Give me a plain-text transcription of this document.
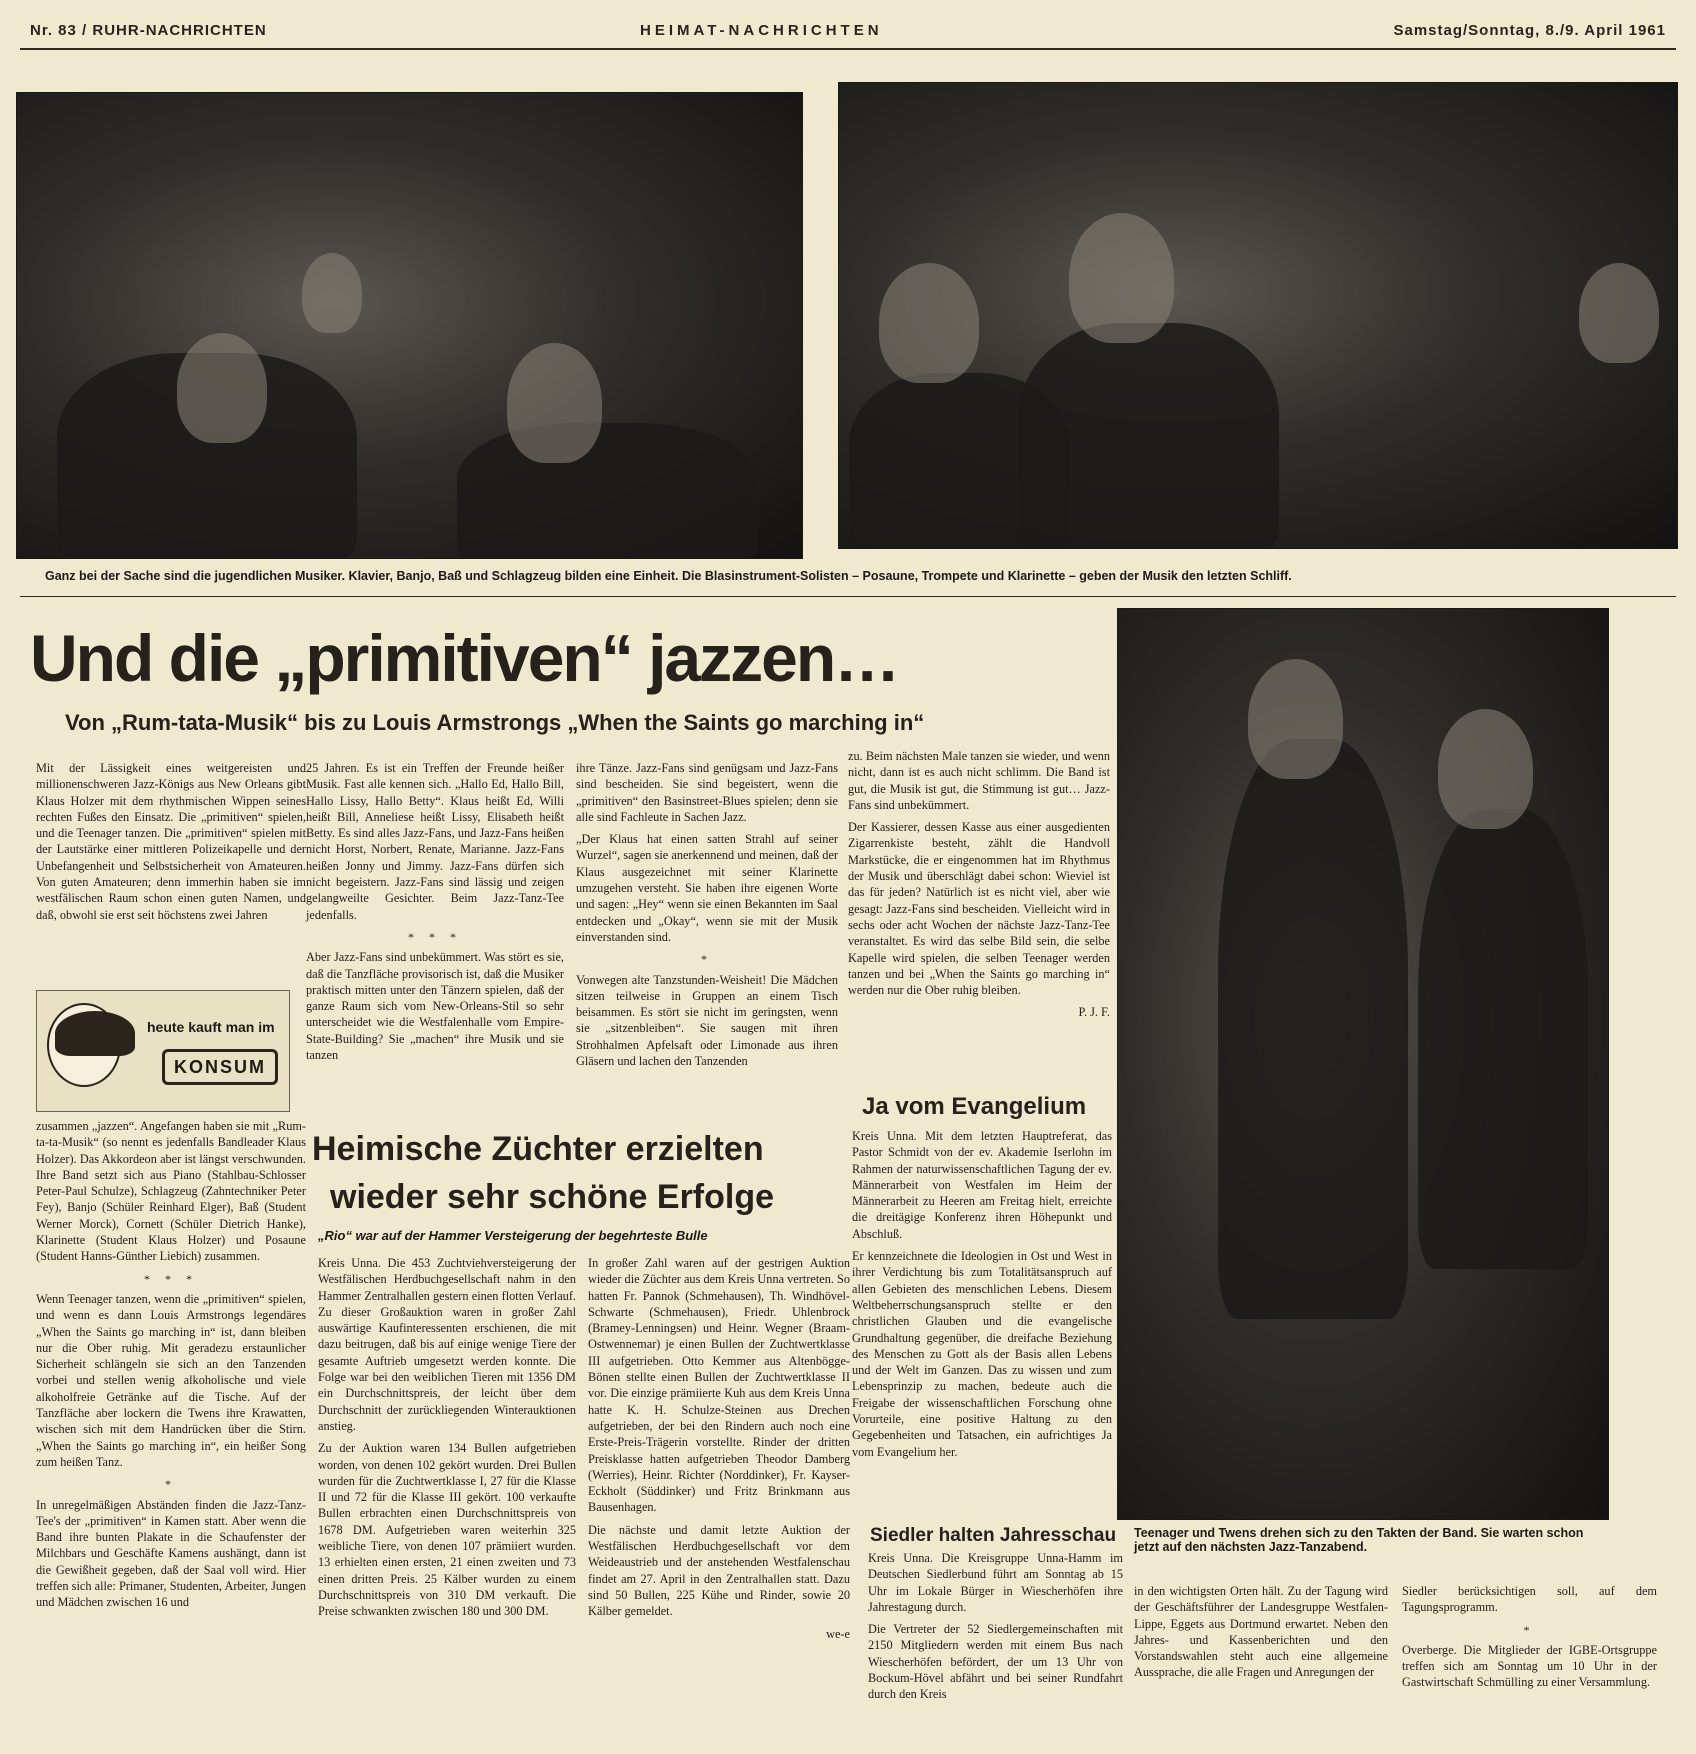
Nr. 83 / RUHR-NACHRICHTEN	HEIMAT-NACHRICHTEN	Samstag/Sonntag, 8./9. April 1961
Ganz bei der Sache sind die jugendlichen Musiker. Klavier, Banjo, Baß und Schlagzeug bilden eine Einheit. Die Blasinstrument-Solisten – Posaune, Trompete und Klarinette – geben der Musik den letzten Schliff.
Und die „primitiven“ jazzen…
Von „Rum-tata-Musik“ bis zu Louis Armstrongs „When the Saints go marching in“

Mit der Lässigkeit eines weitgereisten und millionenschweren Jazz-Königs aus New Orleans gibt Klaus Holzer mit dem rhythmischen Wippen seines rechten Fußes den Einsatz. Die „primitiven“ spielen, und die Teenager tanzen. Die „primitiven“ spielen mit der Lautstärke einer mittleren Polizeikapelle und der Unbefangenheit und Selbstsicherheit von Amateuren. Von guten Amateuren; denn immerhin haben sie im westfälischen Raum schon einen guten Namen, und daß, obwohl sie erst seit höchstens zwei Jahren

heute kauft man im
KONSUM

zusammen „jazzen“. Angefangen haben sie mit „Rum-ta-ta-Musik“ (so nennt es jedenfalls Bandleader Klaus Holzer). Das Akkordeon aber ist längst verschwunden. Ihre Band setzt sich aus Piano (Stahlbau-Schlosser Peter-Paul Schulze), Schlagzeug (Zahntechniker Peter Fey), Banjo (Schüler Reinhard Elger), Baß (Student Werner Morck), Cornett (Schüler Dietrich Hanke), Klarinette (Student Klaus Holzer) und Posaune (Student Hanns-Günther Liebich) zusammen.

* * *

Wenn Teenager tanzen, wenn die „primitiven“ spielen, und wenn es dann Louis Armstrongs legendäres „When the Saints go marching in“ ist, dann bleiben nur die Ober ruhig. Mit geradezu erstaunlicher Sicherheit schlängeln sie sich an den Tanzenden vorbei und stellen wenig alkoholische und viele alkoholfreie Getränke auf die Tische. Auf der Tanzfläche aber lockern die Twens ihre Krawatten, wischen sich mit dem Handrücken über die Stirn. „When the Saints go marching in“, ein heißer Song zum heißen Tanz.

*

In unregelmäßigen Abständen finden die Jazz-Tanz-Tee's der „primitiven“ in Kamen statt. Aber wenn die Band ihre bunten Plakate in die Schaufenster der Milchbars und Geschäfte Kamens aushängt, dann ist die Gewißheit gegeben, daß der Saal voll wird. Hier treffen sich alle: Primaner, Studenten, Arbeiter, Jungen und Mädchen zwischen 16 und

25 Jahren. Es ist ein Treffen der Freunde heißer Musik. Fast alle kennen sich. „Hallo Ed, Hallo Bill, Hallo Lissy, Hallo Betty“. Klaus heißt Ed, Willi heißt Bill, Anneliese heißt Lissy, Elisabeth heißt Betty. Es sind alles Jazz-Fans, und Jazz-Fans heißen nicht Horst, Norbert, Renate, Marianne. Jazz-Fans heißen Jonny und Jimmy. Jazz-Fans dürfen sich nicht begeistern. Jazz-Fans sind lässig und zeigen gelangweilte Gesichter. Beim Jazz-Tanz-Tee jedenfalls.

* * *

Aber Jazz-Fans sind unbekümmert. Was stört es sie, daß die Tanzfläche provisorisch ist, daß die Musiker praktisch mitten unter den Tänzern spielen, daß der ganze Raum sich vom New-Orleans-Stil so sehr unterscheidet wie die Westfalenhalle vom Empire-State-Building? Sie „machen“ ihre Musik und sie tanzen

ihre Tänze. Jazz-Fans sind genügsam und Jazz-Fans sind bescheiden. Sie sind begeistert, wenn die „primitiven“ den Basinstreet-Blues spielen; denn sie alle sind Fachleute in Sachen Jazz.

„Der Klaus hat einen satten Strahl auf seiner Wurzel“, sagen sie anerkennend und meinen, daß der Klaus ausgezeichnet mit seiner Klarinette umzugehen versteht. Sie haben ihre eigenen Worte und sagen: „Hey“ wenn sie einen Bekannten im Saal entdecken und „Okay“, wenn sie mit der Musik einverstanden sind.

*

Vonwegen alte Tanzstunden-Weisheit! Die Mädchen sitzen teilweise in Gruppen an einem Tisch beisammen. Es stört sie nicht im geringsten, wenn sie „sitzenbleiben“. Sie saugen mit ihren Strohhalmen Apfelsaft oder Limonade aus ihren Gläsern und lachen den Tanzenden

zu. Beim nächsten Male tanzen sie wieder, und wenn nicht, dann ist es auch nicht schlimm. Die Band ist gut, die Musik ist gut, die Stimmung ist gut… Jazz-Fans sind unbekümmert.

Der Kassierer, dessen Kasse aus einer ausgedienten Zigarrenkiste besteht, zählt die Handvoll Markstücke, die er eingenommen hat im Rhythmus der Musik und überschlägt dabei schon: Wieviel ist das für jeden? Natürlich ist es nicht viel, aber wie gesagt: Jazz-Fans sind bescheiden. Vielleicht wird in sechs oder acht Wochen der nächste Jazz-Tanz-Tee veranstaltet. Es wird das selbe Bild sein, die selbe Kapelle wird spielen, die selben Teenager werden tanzen und bei „When the Saints go marching in“ werden nur die Ober ruhig bleiben.

P. J. F.
Heimische Züchter erzielten
wieder sehr schöne Erfolge
„Rio“ war auf der Hammer Versteigerung der begehrteste Bulle

Kreis Unna. Die 453 Zuchtviehversteigerung der Westfälischen Herdbuchgesellschaft nahm in den Hammer Zentralhallen gestern einen flotten Verlauf. Zu dieser Großauktion waren in großer Zahl auswärtige Kaufinteressenten erschienen, die mit dazu beitrugen, daß bis auf einige wenige Tiere der gesamte Auftrieb umgesetzt werden konnte. Die Folge war bei den weiblichen Tieren mit 1356 DM ein Durchschnittspreis, der leicht über dem Durchschnitt der zurückliegenden Winterauktionen anstieg.

Zu der Auktion waren 134 Bullen aufgetrieben worden, von denen 102 gekört wurden. Drei Bullen wurden für die Zuchtwertklasse I, 27 für die Klasse II und 72 für die Klasse III gekört. 100 verkaufte Bullen erbrachten einen Durchschnittspreis von 1678 DM. Aufgetrieben waren weiterhin 325 weibliche Tiere, von denen 107 prämiiert wurden. 13 erhielten einen ersten, 21 einen zweiten und 73 einen dritten Preis. 25 Kälber wurden zu einem Durchschnittspreis von 310 DM verkauft. Die Preise schwankten zwischen 180 und 300 DM.

In großer Zahl waren auf der gestrigen Auktion wieder die Züchter aus dem Kreis Unna vertreten. So hatten Fr. Pannok (Schmehausen), Th. Windhövel-Schwarte (Schmehausen), Friedr. Uhlenbrock (Bramey-Lenningsen) und Heinr. Wegner (Braam-Ostwennemar) je einen Bullen der Zuchtwertklasse III aufgetrieben. Otto Kemmer aus Altenbögge-Bönen stellte einen Bullen der Zuchtwertklasse II vor. Die einzige prämiierte Kuh aus dem Kreis Unna hatte K. H. Schulze-Steinen aus Drechen aufgetrieben, der bei den Rindern auch noch eine Erste-Preis-Trägerin vorstellte. Rinder der dritten Preisklasse hatten aufgetrieben Theodor Damberg (Werries), Heinr. Richter (Norddinker), Fr. Kayser-Eckholt (Süddinker) und Fritz Brinkmann aus Bausenhagen.

Die nächste und damit letzte Auktion der Westfälischen Herdbuchgesellschaft vor dem Weideaustrieb und der anstehenden Westfalenschau findet am 27. April in den Zentralhallen statt. Dazu sind 50 Bullen, 225 Kühe und Rinder, sowie 20 Kälber gemeldet.

we-e
Ja vom Evangelium

Kreis Unna. Mit dem letzten Hauptreferat, das Pastor Schmidt von der ev. Akademie Iserlohn im Rahmen der naturwissenschaftlichen Tagung der ev. Männerarbeit von Westfalen im Heim der Männerarbeit zu Heeren am Freitag hielt, erreichte die dreitägige Konferenz ihren Höhepunkt und Abschluß.

Er kennzeichnete die Ideologien in Ost und West in ihrer Verdichtung bis zum Totalitätsanspruch auf allen Gebieten des menschlichen Lebens. Diesem Weltbeherrschungsanspruch stellte er den christlichen Glauben und die evangelische Grundhaltung gegenüber, die dreifache Beziehung des Menschen zu Gott als der Basis allen Lebens und der Welt im Ganzen. Das zu wissen und zum Lebensprinzip zu machen, bedeute auch die Freigabe der wissenschaftlichen Forschung ohne Vorurteile, eine positive Haltung zu den Gegebenheiten und Tatsachen, ein aufrichtiges Ja vom Evangelium her.

Teenager und Twens drehen sich zu den Takten der Band. Sie warten schon jetzt auf den nächsten Jazz-Tanzabend.
Siedler halten Jahresschau

Kreis Unna. Die Kreisgruppe Unna-Hamm im Deutschen Siedlerbund führt am Sonntag ab 15 Uhr im Lokale Bürger in Wiescherhöfen ihre Jahrestagung durch.

Die Vertreter der 52 Siedlergemeinschaften mit 2150 Mitgliedern werden mit einem Bus nach Wiescherhöfen befördert, der um 13 Uhr von Bockum-Hövel abfährt und bei seiner Rundfahrt durch den Kreis

in den wichtigsten Orten hält. Zu der Tagung wird der Geschäftsführer der Landesgruppe Westfalen-Lippe, Eggets aus Dortmund erwartet. Neben den Jahres- und Kassenberichten und den Vorstandswahlen steht auch eine allgemeine Aussprache, die alle Fragen und Anregungen der

Siedler berücksichtigen soll, auf dem Tagungsprogramm.

*

Overberge. Die Mitglieder der IGBE-Ortsgruppe treffen sich am Sonntag um 10 Uhr in der Gastwirtschaft Schmülling zu einer Versammlung.
